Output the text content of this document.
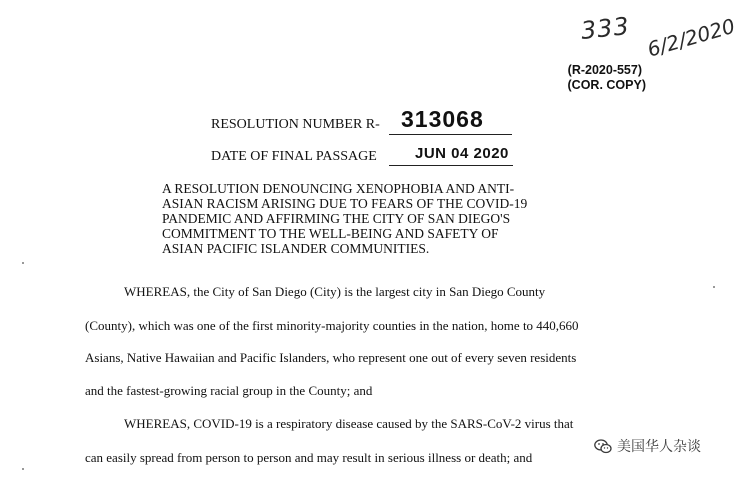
333 6/2/2020
(R-2020-557)
(COR. COPY)
RESOLUTION NUMBER R- 313068
DATE OF FINAL PASSAGE	JUN 04 2020
A RESOLUTION DENOUNCING XENOPHOBIA AND ANTI-
ASIAN RACISM ARISING DUE TO FEARS OF THE COVID-19
PANDEMIC AND AFFIRMING THE CITY OF SAN DIEGO'S
COMMITMENT TO THE WELL-BEING AND SAFETY OF
ASIAN PACIFIC ISLANDER COMMUNITIES.
WHEREAS, the City of San Diego (City) is the largest city in San Diego County
(County), which was one of the first minority-majority counties in the nation, home to 440,660
Asians, Native Hawaiian and Pacific Islanders, who represent one out of every seven residents
and the fastest-growing racial group in the County; and
WHEREAS, COVID-19 is a respiratory disease caused by the SARS-CoV-2 virus that
can easily spread from person to person and may result in serious illness or death; and
美国华人杂谈
